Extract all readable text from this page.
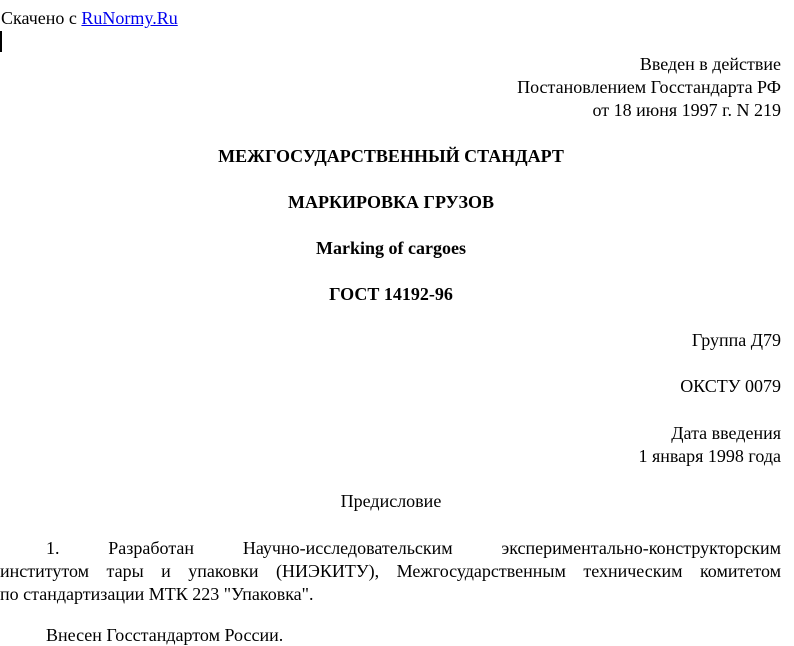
Скачено с RuNormy.Ru
Введен в действие
Постановлением Госстандарта РФ
от 18 июня 1997 г. N 219
МЕЖГОСУДАРСТВЕННЫЙ СТАНДАРТ
МАРКИРОВКА ГРУЗОВ
Marking of cargoes
ГОСТ 14192-96
Группа Д79
ОКСТУ 0079
Дата введения
1 января 1998 года
Предисловие
1. Разработан Научно-исследовательским экспериментально-конструкторским
институтом тары и упаковки (НИЭКИТУ), Межгосударственным техническим комитетом
по стандартизации МТК 223 "Упаковка".
Внесен Госстандартом России.
